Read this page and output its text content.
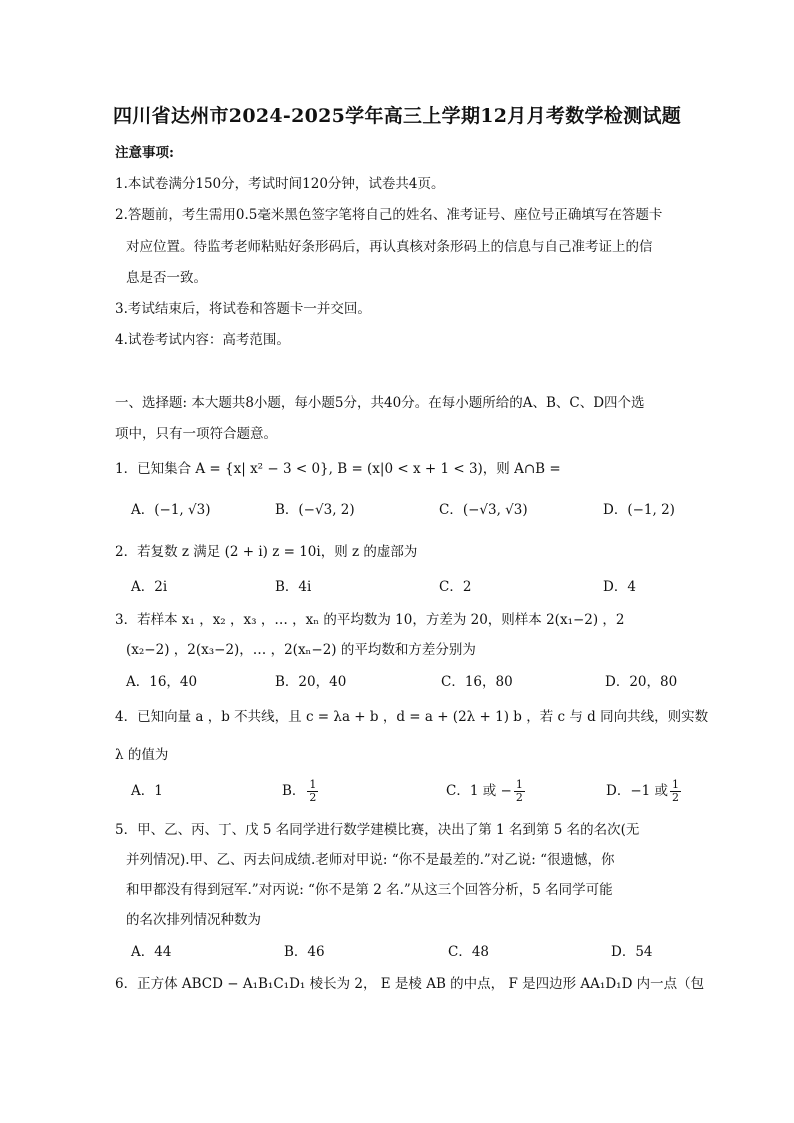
四川省达州市2024-2025学年高三上学期12月月考数学检测试题
注意事项:
1.本试卷满分150分，考试时间120分钟，试卷共4页。
2.答题前，考生需用0.5毫米黑色签字笔将自己的姓名、准考证号、座位号正确填写在答题卡
对应位置。待监考老师粘贴好条形码后，再认真核对条形码上的信息与自己准考证上的信
息是否一致。
3.考试结束后，将试卷和答题卡一并交回。
4.试卷考试内容：高考范围。
一、选择题: 本大题共8小题，每小题5分，共40分。在每小题所给的A、B、C、D四个选
项中，只有一项符合题意。
1．已知集合 A = {x| x² − 3 < 0}, B = (x|0 < x + 1 < 3)，则 A∩B =
A．(−1, √3)	B．(−√3, 2)	C．(−√3, √3)	D．(−1, 2)
2．若复数 z 满足 (2 + i) z = 10i，则 z 的虚部为
A．2i	B．4i	C．2	D．4
3．若样本 x₁ ，x₂ ，x₃ ，… ，xₙ 的平均数为 10，方差为 20，则样本 2(x₁−2) ，2
(x₂−2) ，2(x₃−2)，… ，2(xₙ−2) 的平均数和方差分别为
A．16，40	B．20，40	C．16，80	D．20，80
4．已知向量 a ，b 不共线，且 c = λa + b ，d = a + (2λ + 1) b ，若 c 与 d 同向共线，则实数
λ 的值为
A．1	B． $\frac{1}{2}$	C．1 或 − $\frac{1}{2}$	D．−1 或 $\frac{1}{2}$
5．甲、乙、丙、丁、戊 5 名同学进行数学建模比赛，决出了第 1 名到第 5 名的名次(无
并列情况).甲、乙、丙去问成绩.老师对甲说: “你不是最差的.”对乙说: “很遗憾，你
和甲都没有得到冠军.”对丙说: “你不是第 2 名.”从这三个回答分析，5 名同学可能
的名次排列情况种数为
A．44	B．46	C．48	D．54
6．正方体 ABCD − A₁B₁C₁D₁ 棱长为 2， E 是棱 AB 的中点， F 是四边形 AA₁D₁D 内一点（包
